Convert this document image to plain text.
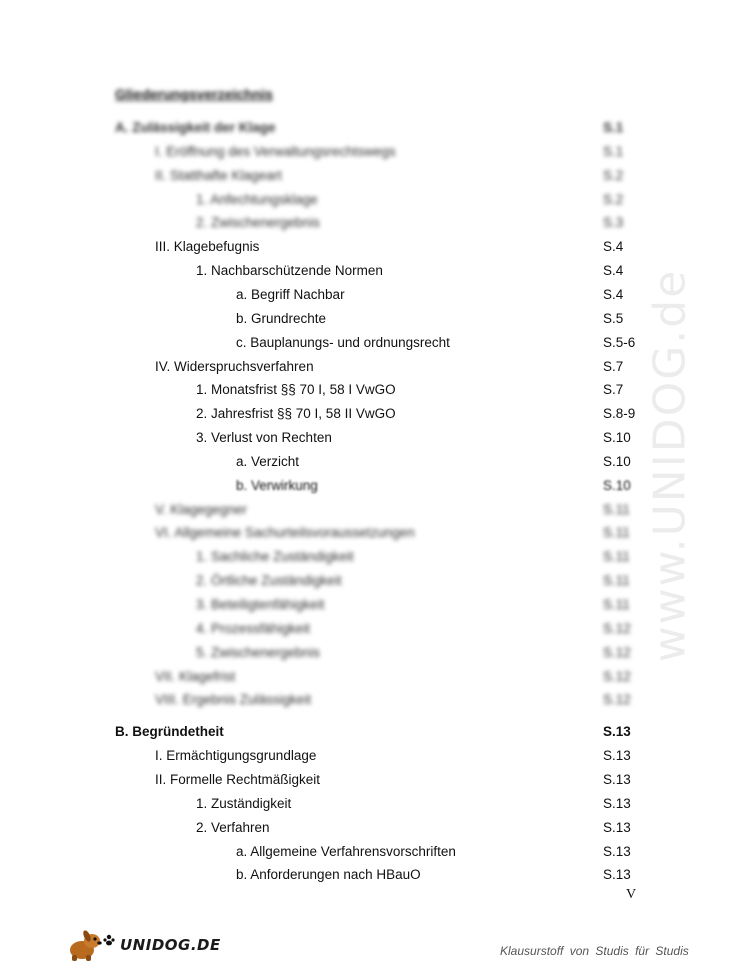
www.UNIDOG.de
Gliederungsverzeichnis
A. Zulässigkeit der Klage	S.1
I. Eröffnung des Verwaltungsrechtswegs	S.1
II. Statthafte Klageart	S.2
1. Anfechtungsklage	S.2
2. Zwischenergebnis	S.3
III. Klagebefugnis	S.4
1. Nachbarschützende Normen	S.4
a. Begriff Nachbar	S.4
b. Grundrechte	S.5
c. Bauplanungs- und ordnungsrecht	S.5-6
IV. Widerspruchsverfahren	S.7
1. Monatsfrist §§ 70 I, 58 I VwGO	S.7
2. Jahresfrist §§ 70 I, 58 II VwGO	S.8-9
3. Verlust von Rechten	S.10
a. Verzicht	S.10
b. Verwirkung	S.10
V. Klagegegner	S.11
VI. Allgemeine Sachurteilsvoraussetzungen	S.11
1. Sachliche Zuständigkeit	S.11
2. Örtliche Zuständigkeit	S.11
3. Beteiligtenfähigkeit	S.11
4. Prozessfähigkeit	S.12
5. Zwischenergebnis	S.12
VII. Klagefrist	S.12
VIII. Ergebnis Zulässigkeit	S.12
B. Begründetheit	S.13
I. Ermächtigungsgrundlage	S.13
II. Formelle Rechtmäßigkeit	S.13
1. Zuständigkeit	S.13
2. Verfahren	S.13
a. Allgemeine Verfahrensvorschriften	S.13
b. Anforderungen nach HBauO	S.13
V
UNIDOG.DE	Klausurstoff von Studis für Studis
